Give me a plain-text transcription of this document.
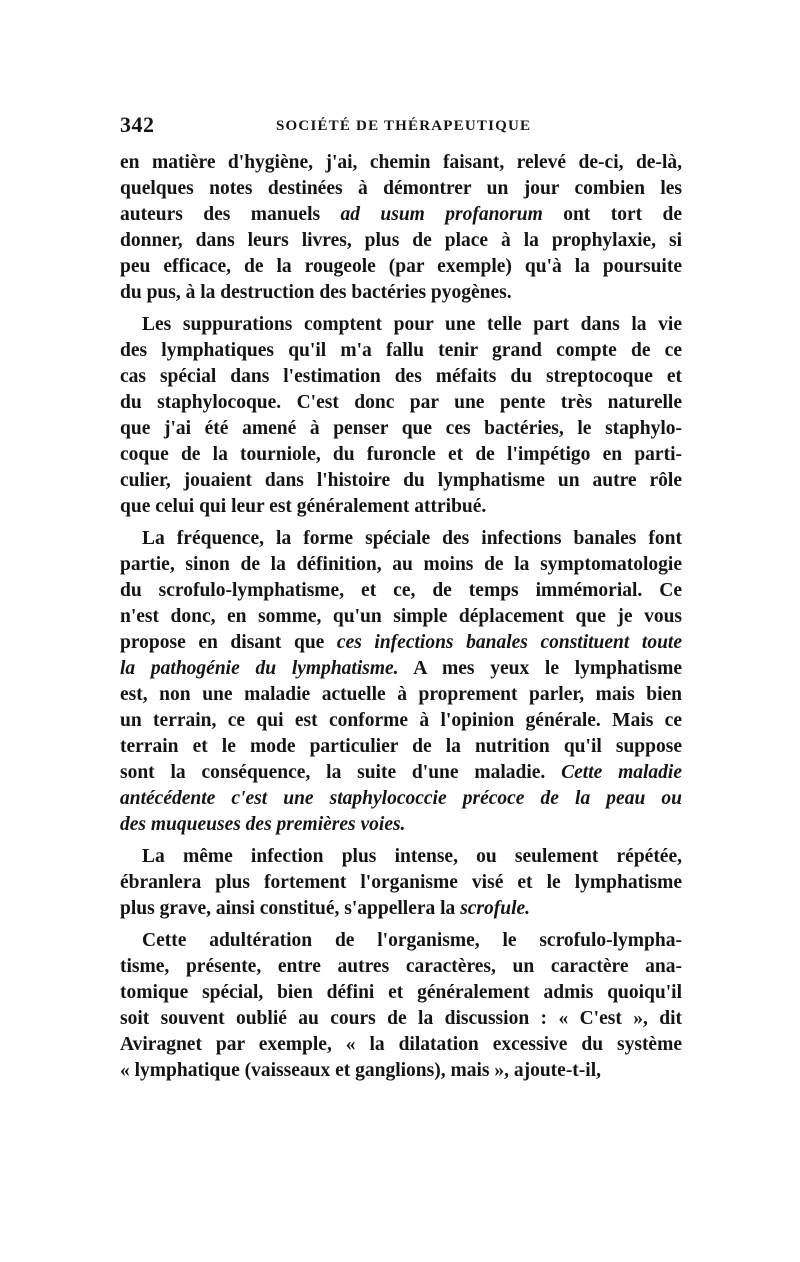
342	SOCIÉTÉ DE THÉRAPEUTIQUE
en matière d'hygiène, j'ai, chemin faisant, relevé de-ci, de-là,
quelques notes destinées à démontrer un jour combien les
auteurs des manuels ad usum profanorum ont tort de
donner, dans leurs livres, plus de place à la prophylaxie, si
peu efficace, de la rougeole (par exemple) qu'à la poursuite
du pus, à la destruction des bactéries pyogènes.
Les suppurations comptent pour une telle part dans la vie
des lymphatiques qu'il m'a fallu tenir grand compte de ce
cas spécial dans l'estimation des méfaits du streptocoque et
du staphylocoque. C'est donc par une pente très naturelle
que j'ai été amené à penser que ces bactéries, le staphylo-
coque de la tourniole, du furoncle et de l'impétigo en parti-
culier, jouaient dans l'histoire du lymphatisme un autre rôle
que celui qui leur est généralement attribué.
La fréquence, la forme spéciale des infections banales font
partie, sinon de la définition, au moins de la symptomatologie
du scrofulo-lymphatisme, et ce, de temps immémorial. Ce
n'est donc, en somme, qu'un simple déplacement que je vous
propose en disant que ces infections banales constituent toute
la pathogénie du lymphatisme. A mes yeux le lymphatisme
est, non une maladie actuelle à proprement parler, mais bien
un terrain, ce qui est conforme à l'opinion générale. Mais ce
terrain et le mode particulier de la nutrition qu'il suppose
sont la conséquence, la suite d'une maladie. Cette maladie
antécédente c'est une staphylococcie précoce de la peau ou
des muqueuses des premières voies.
La même infection plus intense, ou seulement répétée,
ébranlera plus fortement l'organisme visé et le lymphatisme
plus grave, ainsi constitué, s'appellera la scrofule.
Cette adultération de l'organisme, le scrofulo-lympha-
tisme, présente, entre autres caractères, un caractère ana-
tomique spécial, bien défini et généralement admis quoiqu'il
soit souvent oublié au cours de la discussion : « C'est », dit
Aviragnet par exemple, « la dilatation excessive du système
« lymphatique (vaisseaux et ganglions), mais », ajoute-t-il,
